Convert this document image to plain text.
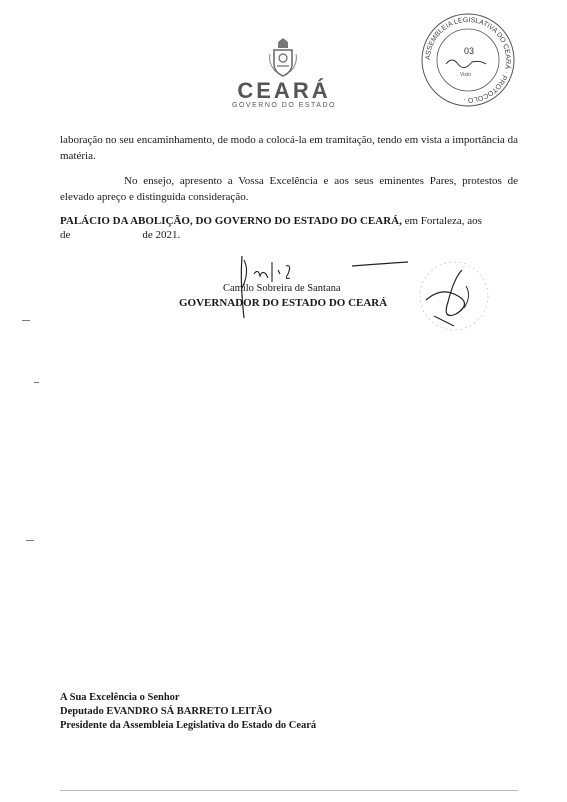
CEARÁ
GOVERNO DO ESTADO
ASSEMBLEIA LEGISLATIVA DO CEARÁ · PROTOCOLO ·
03
Visto
laboração no seu encaminhamento, de modo a colocá-la em tramitação, tendo em vista a importância da matéria.
No ensejo, apresento a Vossa Excelência e aos seus eminentes Pares, protestos de elevado apreço e distinguida consideração.
PALÁCIO DA ABOLIÇÃO, DO GOVERNO DO ESTADO DO CEARÁ, em Fortaleza, aos
de	de 2021.
Camilo Sobreira de Santana
GOVERNADOR DO ESTADO DO CEARÁ
A Sua Excelência o Senhor
Deputado EVANDRO SÁ BARRETO LEITÃO
Presidente da Assembleia Legislativa do Estado do Ceará
